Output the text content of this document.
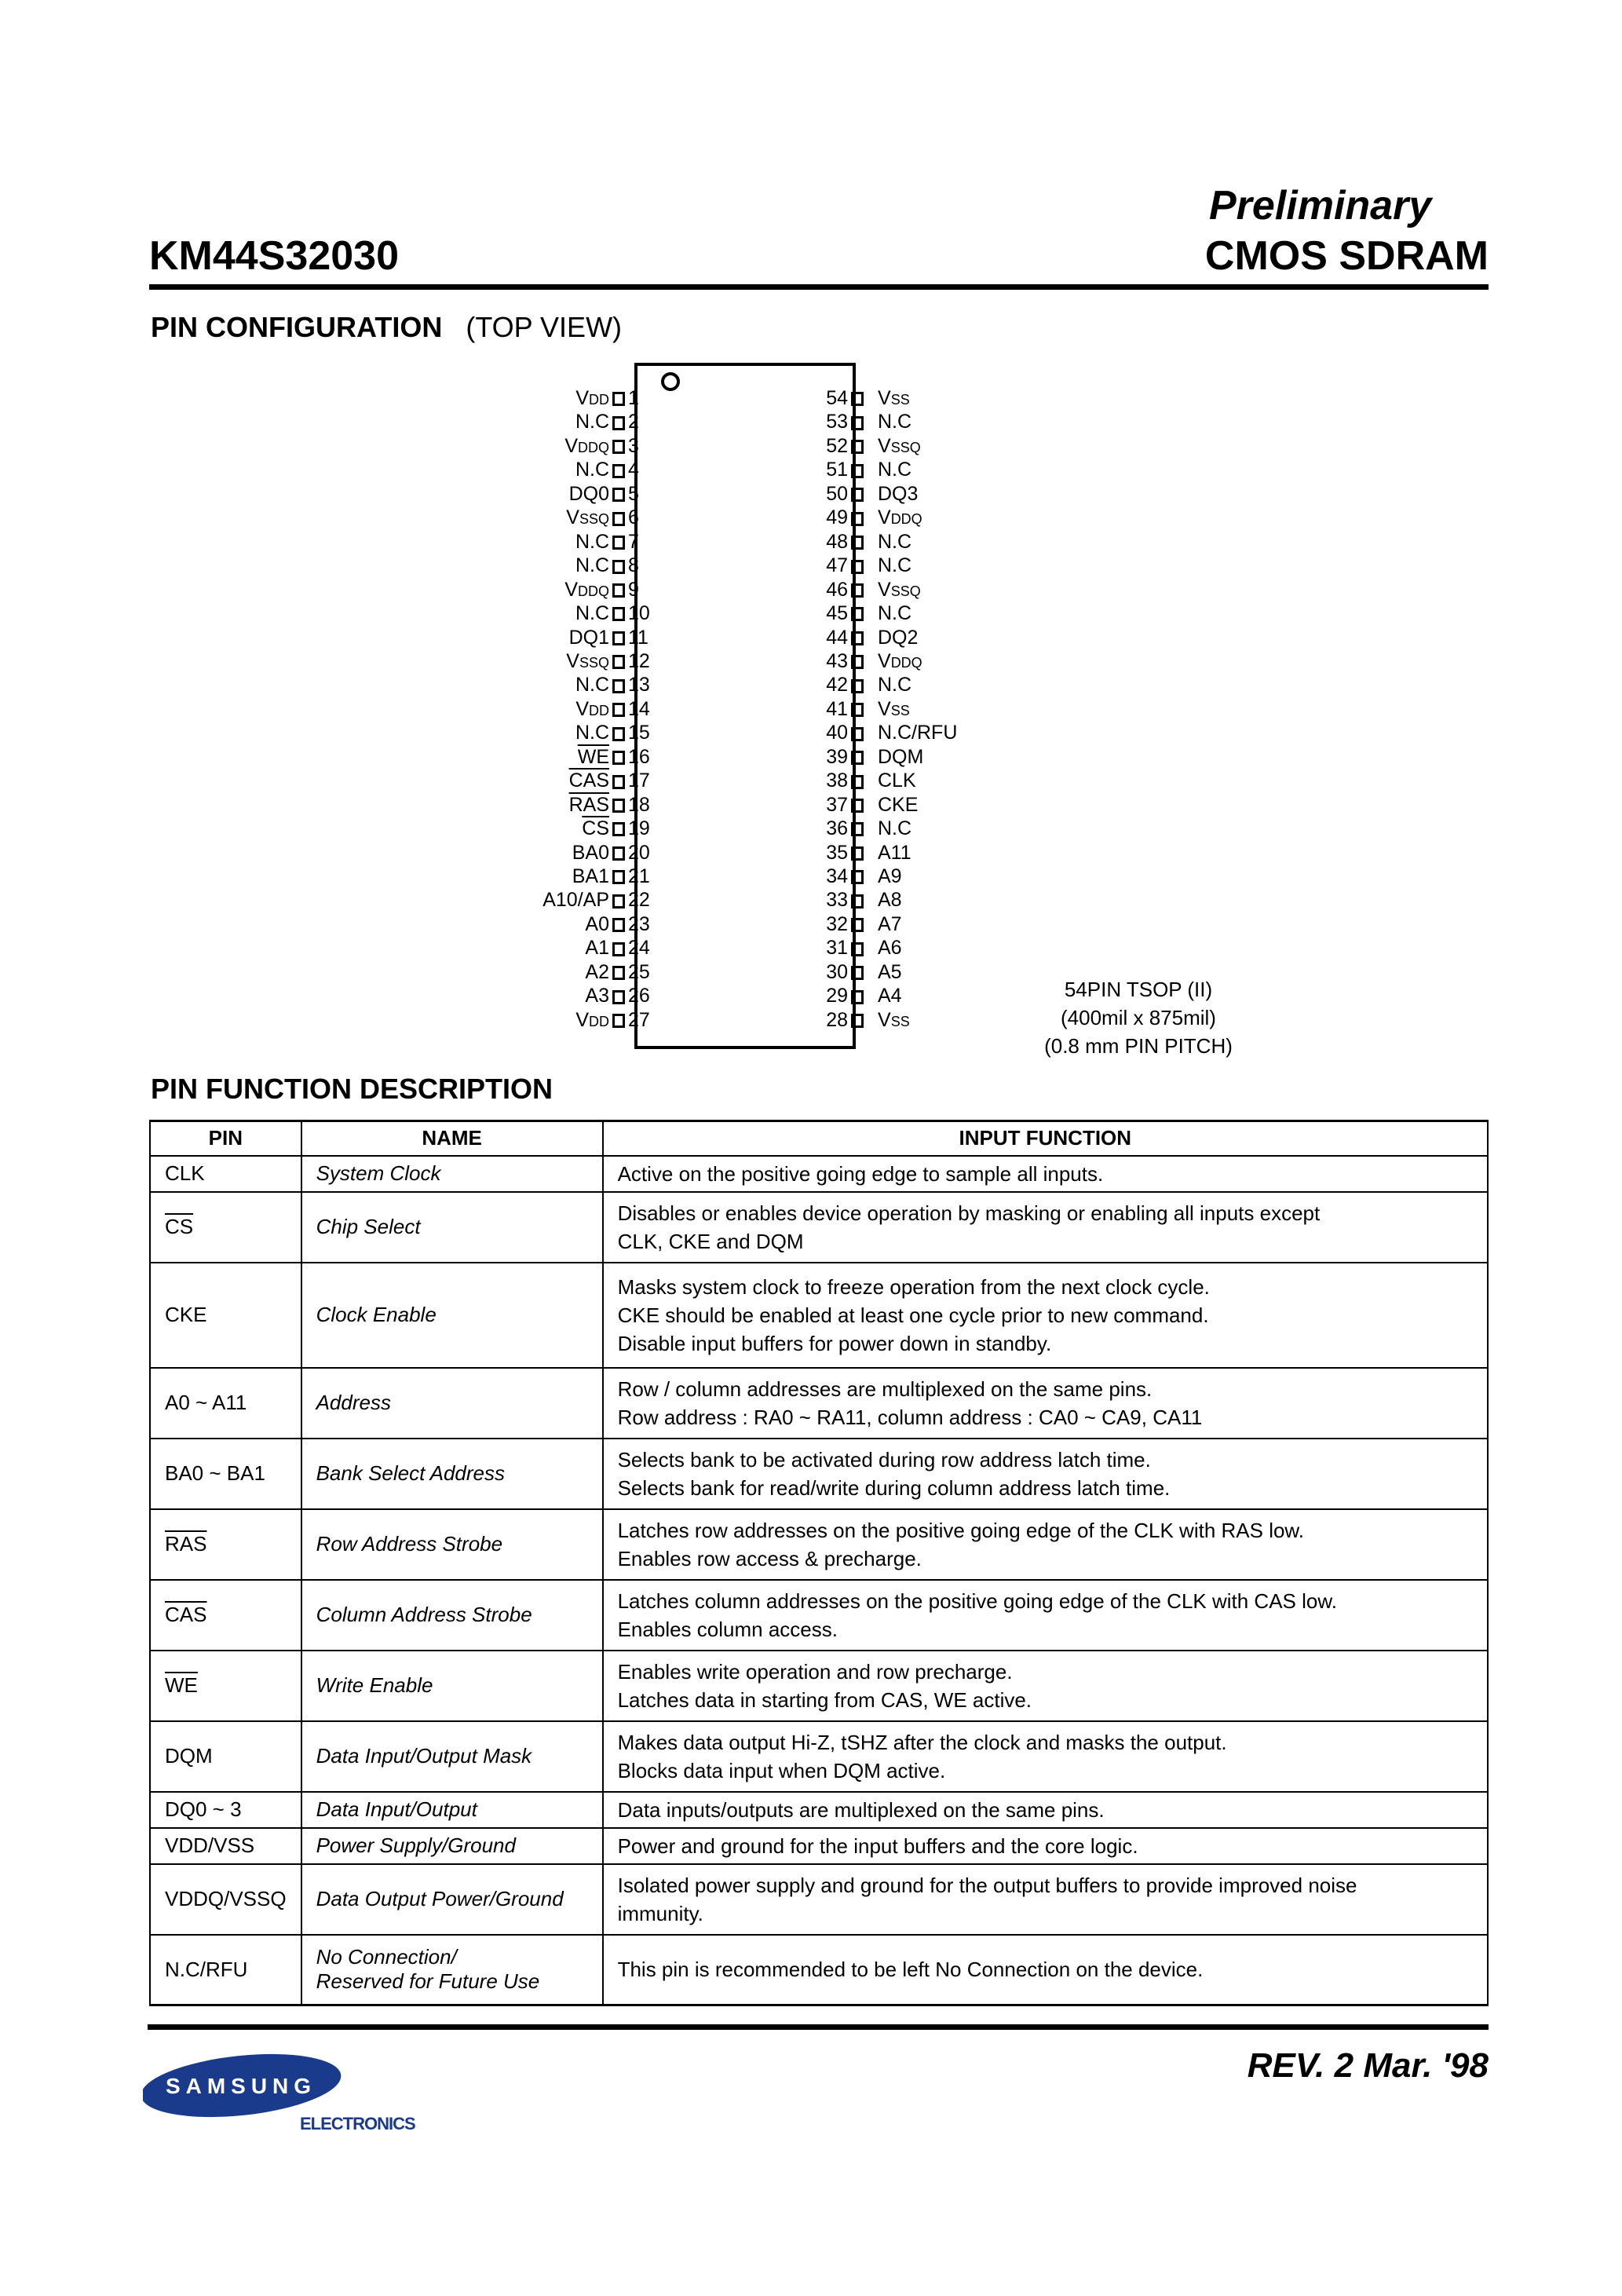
Preliminary
KM44S32030	CMOS SDRAM
PIN CONFIGURATION (TOP VIEW)
VDD 1
N.C 2
VDDQ 3
N.C 4
DQ0 5
VSSQ 6
N.C 7
N.C 8
VDDQ 9
N.C 10
DQ1 11
VSSQ 12
N.C 13
VDD 14
N.C 15
$\overline{WE}$ 16
$\overline{CAS}$ 17
$\overline{RAS}$ 18
$\overline{CS}$ 19
BA0 20
BA1 21
A10/AP 22
A0 23
A1 24
A2 25
A3 26
VDD 27
54 VSS
53 N.C
52 VSSQ
51 N.C
50 DQ3
49 VDDQ
48 N.C
47 N.C
46 VSSQ
45 N.C
44 DQ2
43 VDDQ
42 N.C
41 VSS
40 N.C/RFU
39 DQM
38 CLK
37 CKE
36 N.C
35 A11
34 A9
33 A8
32 A7
31 A6
30 A5
29 A4
28 VSS
54PIN TSOP (II)
(400mil x 875mil)
(0.8 mm PIN PITCH)
PIN FUNCTION DESCRIPTION
PIN	NAME	INPUT FUNCTION
CLK	System Clock	Active on the positive going edge to sample all inputs.

$\overline{CS}$	Chip Select	Disables or enables device operation by masking or enabling all inputs except
CLK, CKE and DQM

CKE	Clock Enable	Masks system clock to freeze operation from the next clock cycle.
CKE should be enabled at least one cycle prior to new command.
Disable input buffers for power down in standby.

A0 ~ A11	Address	Row / column addresses are multiplexed on the same pins.
Row address : RA0 ~ RA11, column address : CA0 ~ CA9, CA11

BA0 ~ BA1	Bank Select Address	Selects bank to be activated during row address latch time.
Selects bank for read/write during column address latch time.

$\overline{RAS}$	Row Address Strobe	Latches row addresses on the positive going edge of the CLK with RAS low.
Enables row access & precharge.

$\overline{CAS}$	Column Address Strobe	Latches column addresses on the positive going edge of the CLK with CAS low.
Enables column access.

$\overline{WE}$	Write Enable	Enables write operation and row precharge.
Latches data in starting from CAS, WE active.

DQM	Data Input/Output Mask	Makes data output Hi-Z, tSHZ after the clock and masks the output.
Blocks data input when DQM active.

DQ0 ~ 3	Data Input/Output	Data inputs/outputs are multiplexed on the same pins.

VDD/VSS	Power Supply/Ground	Power and ground for the input buffers and the core logic.

VDDQ/VSSQ	Data Output Power/Ground	Isolated power supply and ground for the output buffers to provide improved noise
immunity.

N.C/RFU	No Connection/
Reserved for Future Use	This pin is recommended to be left No Connection on the device.
REV. 2 Mar. '98
SAMSUNG
ELECTRONICS
